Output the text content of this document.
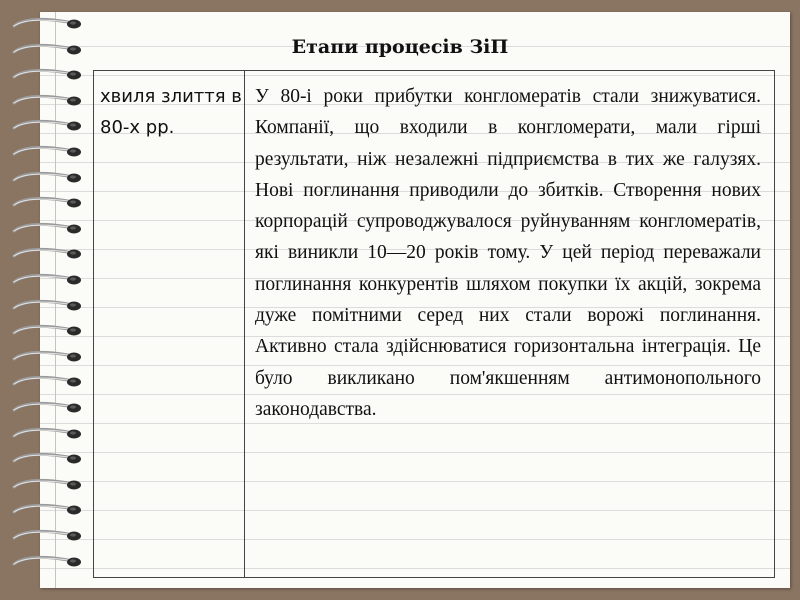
Етапи процесів ЗіП
хвиля злиття в 80-х рр.
У 80-і роки прибутки конгломератів стали знижуватися. Компанії, що входили в конгломерати, мали гірші результати, ніж незалежні підприємства в тих же галузях. Нові поглинання приводили до збитків. Створення нових корпорацій супроводжувалося руйнуванням конгломератів, які виникли 10—20 років тому. У цей період переважали поглинання конкурентів шляхом покупки їх акцій, зокрема дуже помітними серед них стали ворожі поглинання. Активно стала здійснюватися горизонтальна інтеграція. Це було викликано пом'якшенням антимонопольного законодавства.
